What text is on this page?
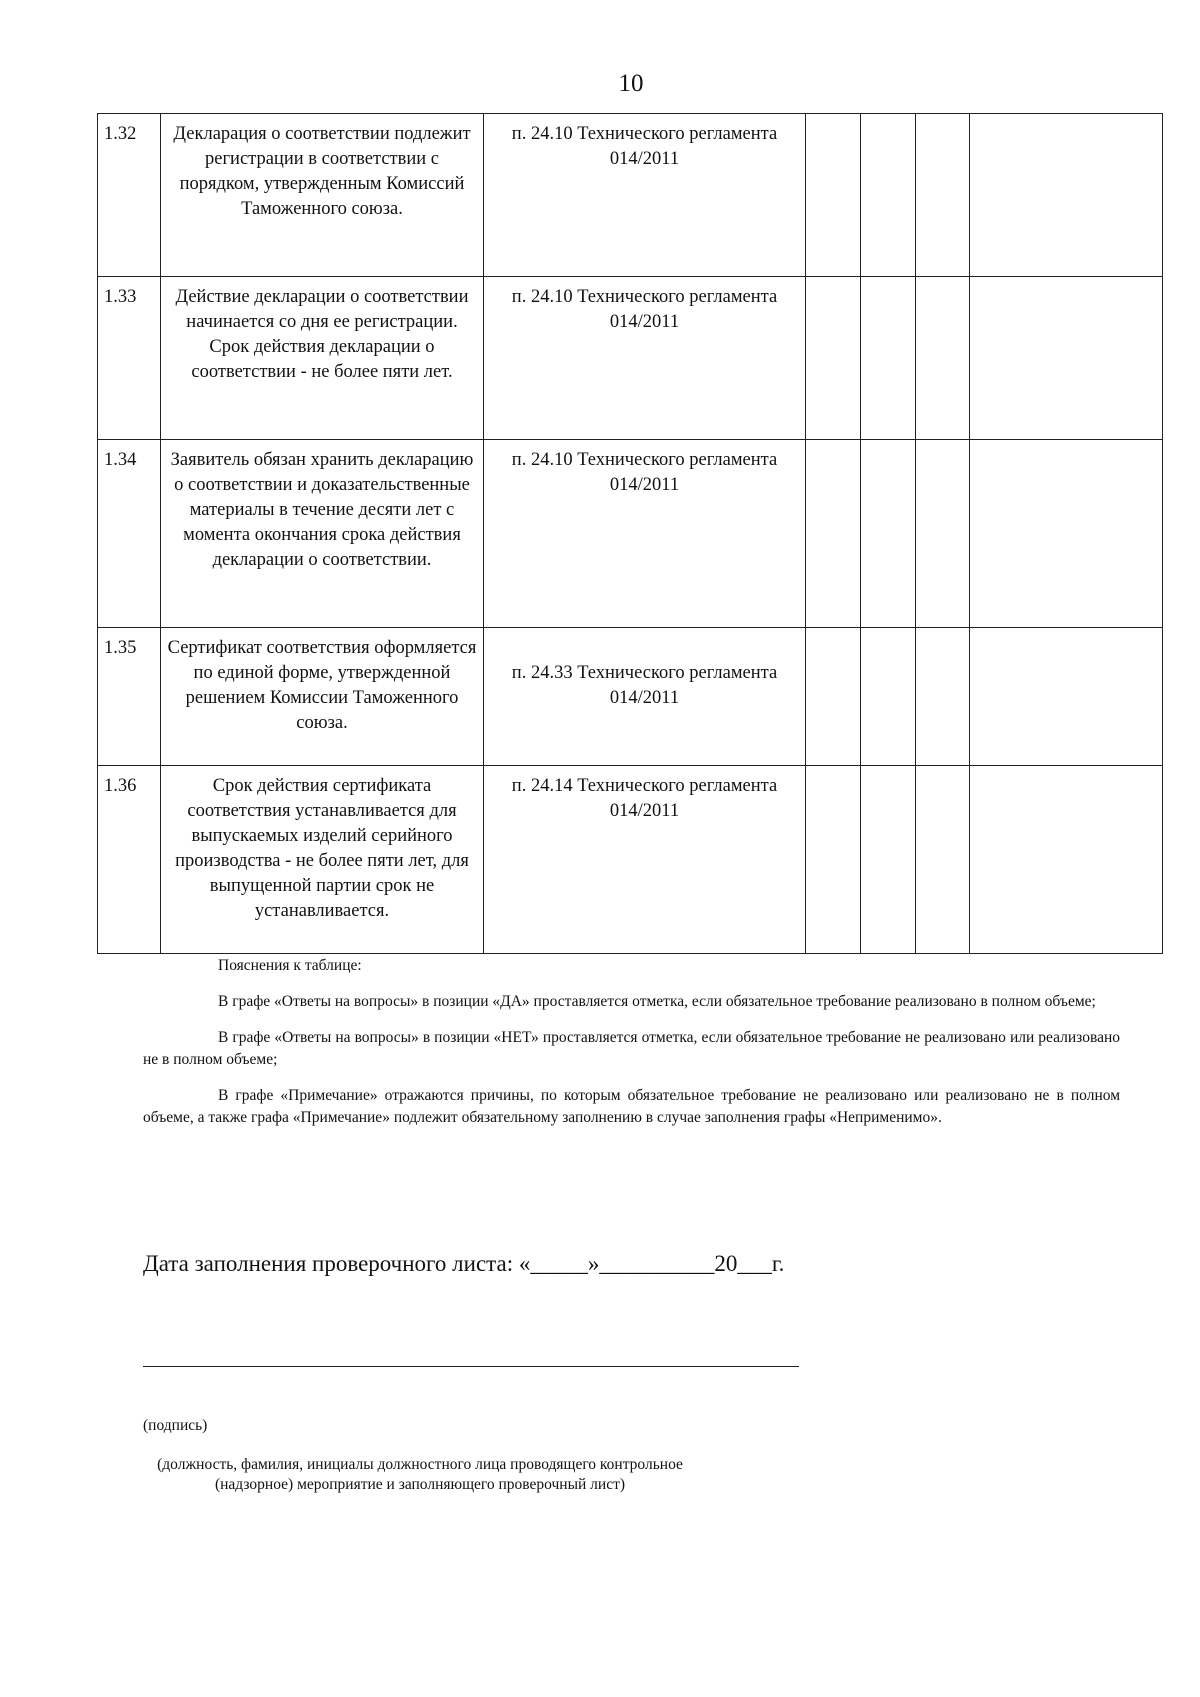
10
1.32	Декларация о соответствии подлежит регистрации в соответствии с порядком, утвержденным Комиссий Таможенного союза.	п. 24.10 Технического регламента 014/2011				
1.33	Действие декларации о соответствии начинается со дня ее регистрации. Срок действия декларации о соответствии - не более пяти лет.	п. 24.10 Технического регламента 014/2011				
1.34	Заявитель обязан хранить декларацию о соответствии и доказательственные материалы в течение десяти лет с момента окончания срока действия декларации о соответствии.	п. 24.10 Технического регламента 014/2011				
1.35	Сертификат соответствия оформляется по единой форме, утвержденной решением Комиссии Таможенного союза.	п. 24.33 Технического регламента 014/2011				
1.36	Срок действия сертификата соответствия устанавливается для выпускаемых изделий серийного производства - не более пяти лет, для выпущенной партии срок не устанавливается.	п. 24.14 Технического регламента 014/2011				
Пояснения к таблице:

В графе «Ответы на вопросы» в позиции «ДА» проставляется отметка, если обязательное требование реализовано в полном объеме;

В графе «Ответы на вопросы» в позиции «НЕТ» проставляется отметка, если обязательное требование не реализовано или реализовано не в полном объеме;

В графе «Примечание» отражаются причины, по которым обязательное требование не реализовано или реализовано не в полном объеме, а также графа «Примечание» подлежит обязательному заполнению в случае заполнения графы «Неприменимо».

Дата заполнения проверочного листа: «_____»__________20___г.
(подпись)
(должность, фамилия, инициалы должностного лица проводящего контрольное (надзорное) мероприятие и заполняющего проверочный лист)
